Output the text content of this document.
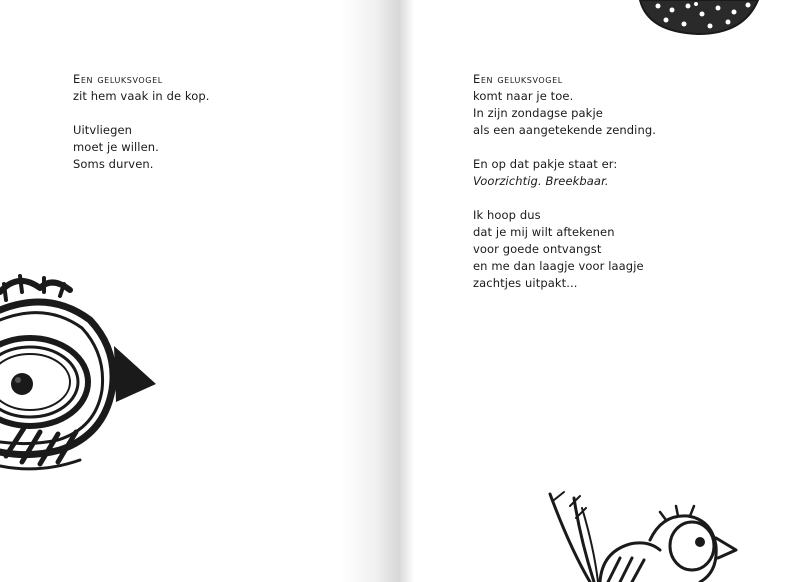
Een geluksvogel
zit hem vaak in de kop.
Uitvliegen
moet je willen.
Soms durven.
Een geluksvogel
komt naar je toe.
In zijn zondagse pakje
als een aangetekende zending.
En op dat pakje staat er:
Voorzichtig. Breekbaar.
Ik hoop dus
dat je mij wilt aftekenen
voor goede ontvangst
en me dan laagje voor laagje
zachtjes uitpakt...
